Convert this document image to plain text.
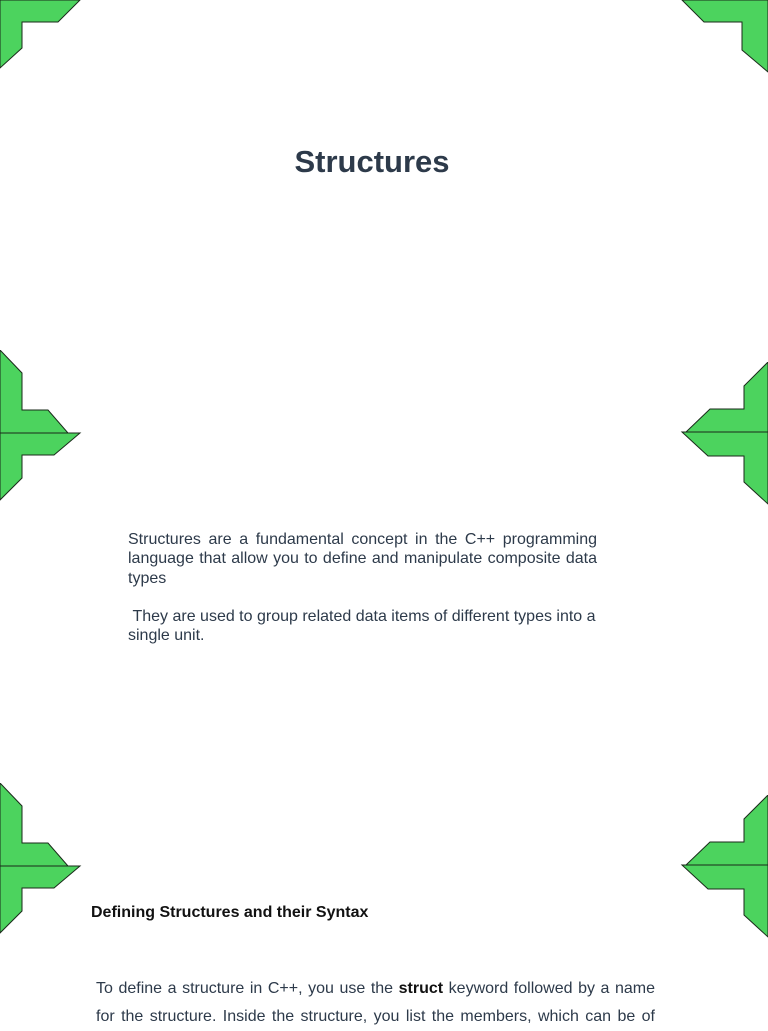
Structures

Structures are a fundamental concept in the C++ programming language that allow you to define and manipulate composite data types

They are used to group related data items of different types into a single unit.

Defining Structures and their Syntax

To define a structure in C++, you use the struct keyword followed by a name for the structure. Inside the structure, you list the members, which can be of
